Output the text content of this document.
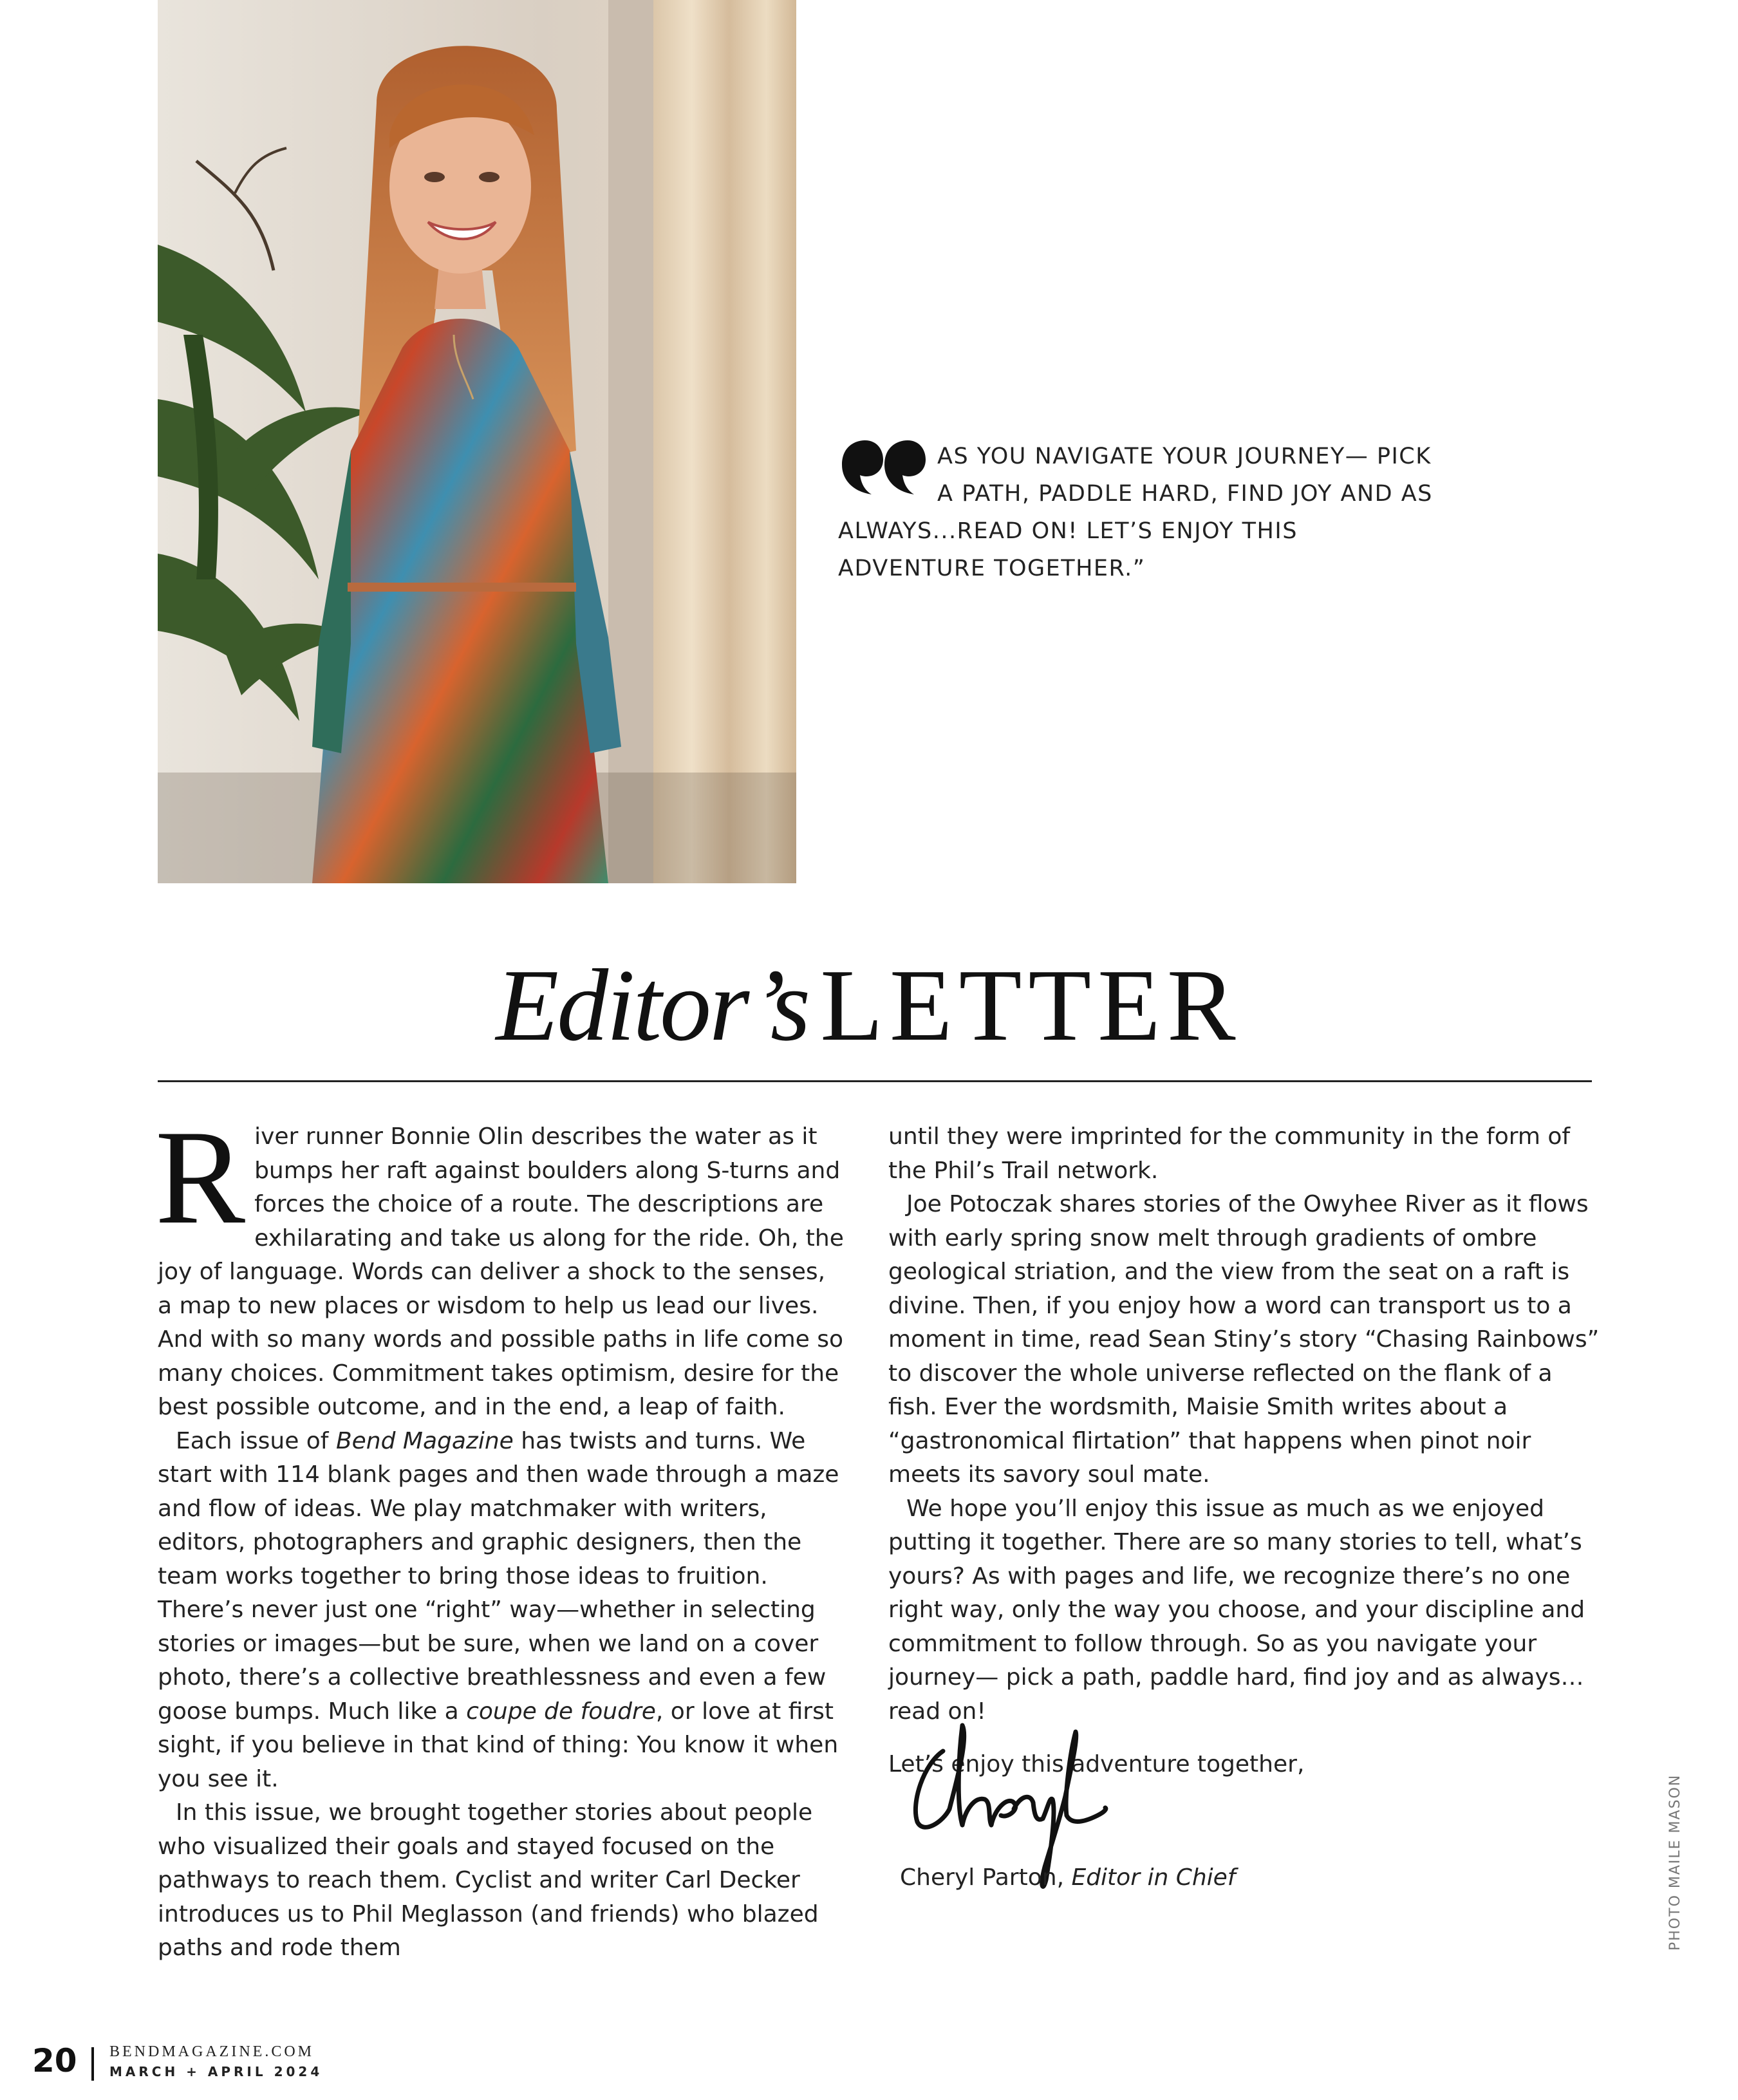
AS YOU NAVIGATE YOUR JOURNEY— PICK A PATH, PADDLE HARD, FIND JOY AND AS ALWAYS...READ ON! LET’S ENJOY THIS ADVENTURE TOGETHER.”
Editor’s LETTER

River runner Bonnie Olin describes the water as it bumps her raft against boulders along S-turns and forces the choice of a route. The descriptions are exhilarating and take us along for the ride. Oh, the joy of language. Words can deliver a shock to the senses, a map to new places or wisdom to help us lead our lives. And with so many words and possible paths in life come so many choices. Commitment takes optimism, desire for the best possible outcome, and in the end, a leap of faith.

Each issue of Bend Magazine has twists and turns. We start with 114 blank pages and then wade through a maze and flow of ideas. We play matchmaker with writers, editors, photographers and graphic designers, then the team works together to bring those ideas to fruition. There’s never just one “right” way—whether in selecting stories or images—but be sure, when we land on a cover photo, there’s a collective breathlessness and even a few goose bumps. Much like a coupe de foudre, or love at first sight, if you believe in that kind of thing: You know it when you see it.

In this issue, we brought together stories about people who visualized their goals and stayed focused on the pathways to reach them. Cyclist and writer Carl Decker introduces us to Phil Meglasson (and friends) who blazed paths and rode them

until they were imprinted for the community in the form of the Phil’s Trail network.

Joe Potoczak shares stories of the Owyhee River as it flows with early spring snow melt through gradients of ombre geological striation, and the view from the seat on a raft is divine. Then, if you enjoy how a word can transport us to a moment in time, read Sean Stiny’s story “Chasing Rainbows” to discover the whole universe reflected on the flank of a fish. Ever the wordsmith, Maisie Smith writes about a “gastronomical flirtation” that happens when pinot noir meets its savory soul mate.

We hope you’ll enjoy this issue as much as we enjoyed putting it together. There are so many stories to tell, what’s yours? As with pages and life, we recognize there’s no one right way, only the way you choose, and your discipline and commitment to follow through. So as you navigate your journey— pick a path, paddle hard, find joy and as always…read on!

Let’s enjoy this adventure together,

Cheryl Parton, Editor in Chief	PHOTO MAILE MASON
20 BENDMAGAZINE.COM
MARCH + APRIL 2024
